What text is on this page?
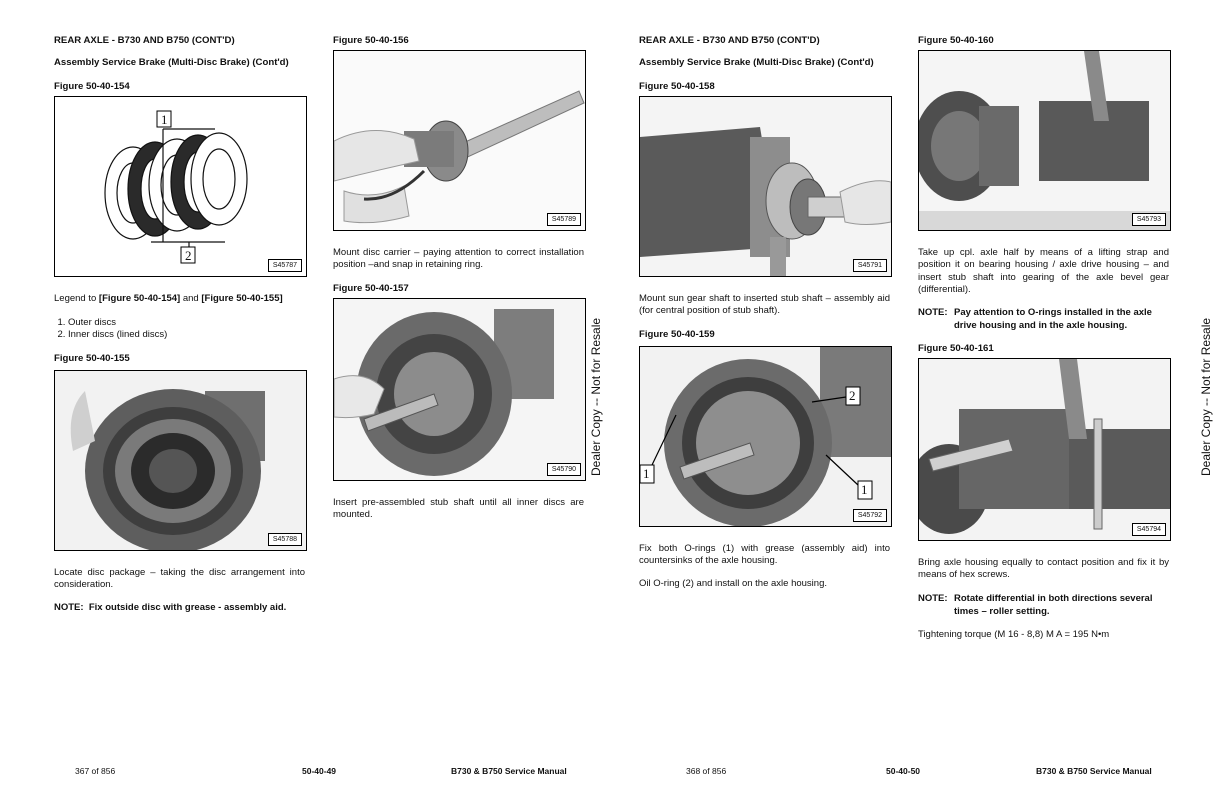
REAR AXLE - B730 AND B750 (CONT'D)
Assembly Service Brake (Multi-Disc Brake) (Cont'd)
Figure 50-40-154
1
2
S45787
Legend to [Figure 50-40-154] and [Figure 50-40-155]
1. Outer discs
2. Inner discs (lined discs)
Figure 50-40-155
S45788
Locate disc package – taking the disc arrangement into consideration.
NOTE: Fix outside disc with grease - assembly aid.
Figure 50-40-156
S45789
Mount disc carrier – paying attention to correct installation position –and snap in retaining ring.
Figure 50-40-157
S45790
Insert pre-assembled stub shaft until all inner discs are mounted.
Dealer Copy -- Not for Resale
367 of 856	50-40-49	B730 & B750 Service Manual
REAR AXLE - B730 AND B750 (CONT'D)
Assembly Service Brake (Multi-Disc Brake) (Cont'd)
Figure 50-40-158
S45791
Mount sun gear shaft to inserted stub shaft – assembly aid (for central position of stub shaft).
Figure 50-40-159
1
2
1
S45792
Fix both O-rings (1) with grease (assembly aid) into countersinks of the axle housing.
Oil O-ring (2) and install on the axle housing.
Figure 50-40-160
S45793
Take up cpl. axle half by means of a lifting strap and position it on bearing housing / axle drive housing – and insert stub shaft into gearing of the axle bevel gear (differential).
NOTE: Pay attention to O-rings installed in the axle drive housing and in the axle housing.
Figure 50-40-161
S45794
Bring axle housing equally to contact position and fix it by means of hex screws.
NOTE: Rotate differential in both directions several times – roller setting.
Tightening torque (M 16 - 8,8) M A = 195 N•m
Dealer Copy -- Not for Resale
368 of 856	50-40-50	B730 & B750 Service Manual
